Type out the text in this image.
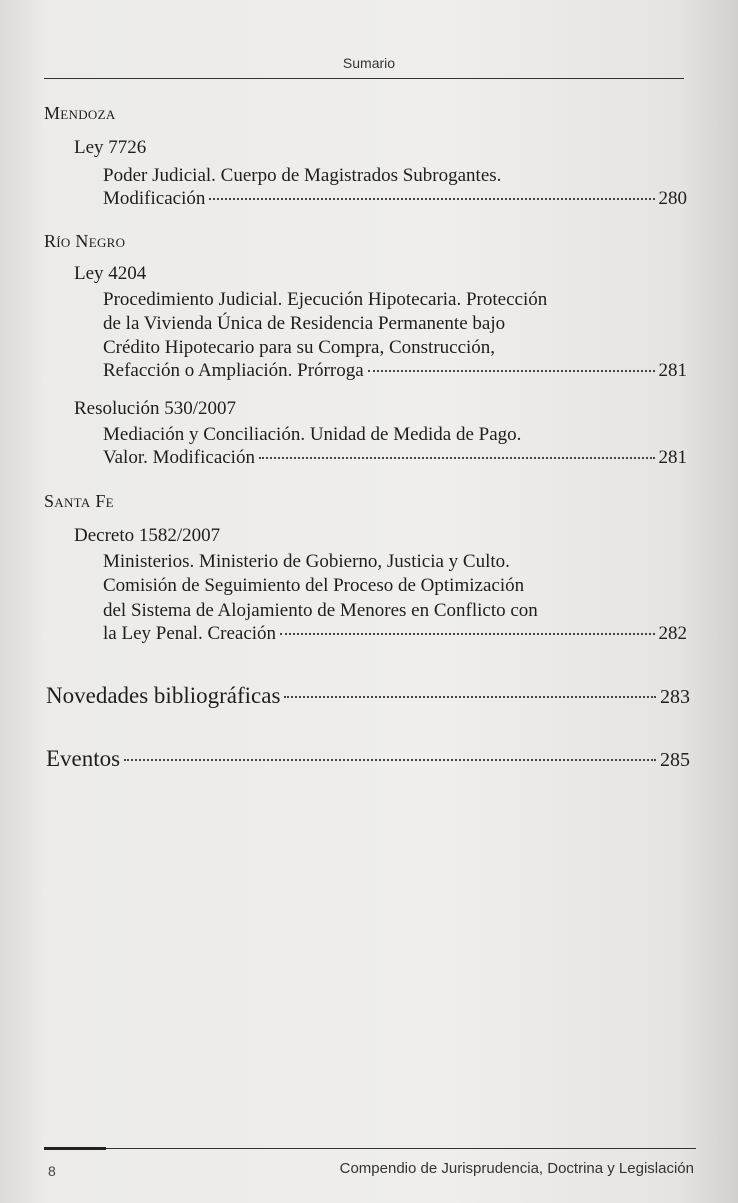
Sumario
Mendoza
Ley 7726
Poder Judicial. Cuerpo de Magistrados Subrogantes.
Modificación	280
Río Negro
Ley 4204
Procedimiento Judicial. Ejecución Hipotecaria. Protección
de la Vivienda Única de Residencia Permanente bajo
Crédito Hipotecario para su Compra, Construcción,
Refacción o Ampliación. Prórroga	281
Resolución 530/2007
Mediación y Conciliación. Unidad de Medida de Pago.
Valor. Modificación	281
Santa Fe
Decreto 1582/2007
Ministerios. Ministerio de Gobierno, Justicia y Culto.
Comisión de Seguimiento del Proceso de Optimización
del Sistema de Alojamiento de Menores en Conflicto con
la Ley Penal. Creación	282
Novedades bibliográficas	283
Eventos	285
8	Compendio de Jurisprudencia, Doctrina y Legislación
